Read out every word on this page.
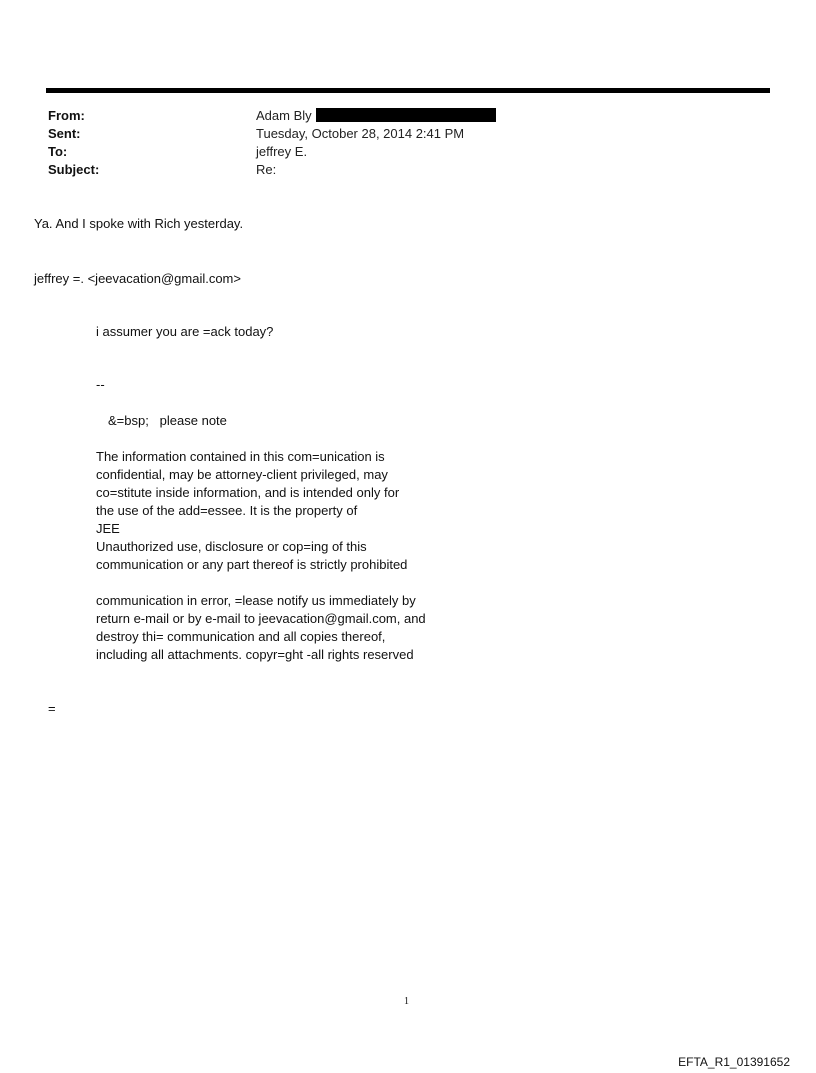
From:	Adam Bly
Sent:	Tuesday, October 28, 2014 2:41 PM
To:	jeffrey E.
Subject:	Re:
Ya. And I spoke with Rich yesterday.
jeffrey =. <jeevacation@gmail.com>
i assumer you are =ack today?
--
&=bsp;   please note
The information contained in this com=unication is
confidential, may be attorney-client privileged, may
co=stitute inside information, and is intended only for
the use of the add=essee. It is the property of
JEE
Unauthorized use, disclosure or cop=ing of this
communication or any part thereof is strictly prohibited
communication in error, =lease notify us immediately by
return e-mail or by e-mail to jeevacation@gmail.com, and
destroy thi= communication and all copies thereof,
including all attachments. copyr=ght -all rights reserved
=
1
EFTA_R1_01391652
